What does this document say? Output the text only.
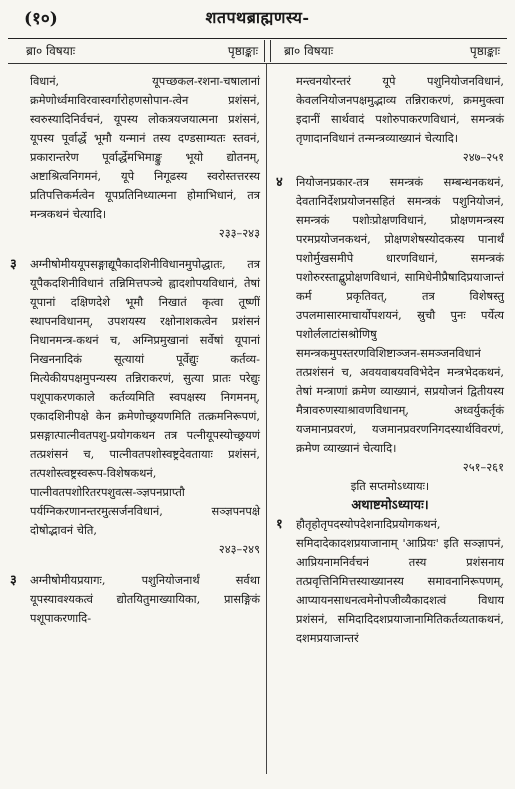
(१०)	शतपथब्राह्मणस्य-
ब्रा० विषयाः	पृष्ठाङ्काः ब्रा० विषयाः	पृष्ठाङ्काः

विधानं, यूपच्छकल-रशना-चषालानां क्रमेणोर्ध्वमाविरवास्वर्गारोहणसोपान-त्वेन प्रशंसनं, स्वरुस्यादिनिर्वचनं, यूपस्य लोकत्रयजयात्मना प्रशंसनं, यूपस्य पूर्वार्द्धे भूमौ यन्मानं तस्य दण्डसाम्यतः स्तवनं, प्रकारान्तरेण पूर्वार्द्धेमभिमाङ्कु भूयो द्योतनम्, अष्टाश्रित्वनिगमनं, यूपे निगूढस्य स्वरोस्तत्तरस्य प्रतिपत्तिकर्मत्वेन यूपप्रतिनिध्यात्मना होमाभिधानं, तत्र मन्त्रकथनं चेत्यादि।

२३३–२४३
३ अग्नीषोमीययूपसङ्गाद्यूपैकादशिनीविधानमुपोद्धातः, तत्र यूपैकदशिनीविधानं तन्निमित्तपञ्चे ह्वादशोपयविधानं, तेषां यूपानां दक्षिणदेशे भूमौ निखातं कृत्वा तूष्णीं स्थापनविधानम्, उपशयस्य रक्षोनाशकत्वेन प्रशंसनं निधानमन्त्र-कथनं च, अग्निप्रमुखानां सर्वेषां यूपानां निखननादिकं सूत्यायां पूर्वेद्युः कर्तव्य-मित्येकीयपक्षमुपन्यस्य तन्निराकरणं, सुत्या प्रातः परेद्युः पशूपाकरणकाले कर्तव्यमिति स्वपक्षस्य निगमनम्, एकादशिनीपक्षे केन क्रमेणोच्छ्रयणमिति तत्क्रमनिरूपणं, प्रसङ्गात्पात्नीवतपशु-प्रयोगकथन तत्र पत्नीयूपस्योच्छ्रयणं तत्प्रशंसनं च, पात्नीवतपशोस्वष्ट्रदेवतायाः प्रशंसनं, तत्पशोस्त्वष्ट्रस्वरूप-विशेषकथनं, पात्नीवतपशोरितरपशुवत्स-ञ्ज्ञपनप्राप्तौ पर्यग्निकरणानन्तरमुत्सर्जनविधानं, सञ्ज्ञपनपक्षे दोषोद्भावनं चेति,

२४३–२४९
३ अग्नीषोमीयप्रयागः, पशुनियोजनार्थं सर्वथा यूपस्यावश्यकत्वं द्योतयितुमाख्यायिका, प्रासङ्गिकं पशूपाकरणादि-

मन्त्वनयोरन्तरं यूपे पशुनियोजनविधानं, केवलनियोजनपक्षमुद्भाव्य तन्निराकरणं, क्रममुक्त्वा इदानीं सार्थवादं पशोरुपाकरणविधानं, समन्त्रकं तृणादानविधानं तन्मन्त्रव्याख्यानं चेत्यादि।

२४७–२५१
४ नियोजनप्रकार-तत्र समन्त्रकं सम्बन्धनकथनं, देवतानिर्देशप्रयोजनसहितं समन्त्रकं पशुनियोजनं, समन्त्रकं पशोःप्रोक्षणविधानं, प्रोक्षणमन्त्रस्य परमप्रयोजनकथनं, प्रोक्षणशेषस्योदकस्य पानार्थं पशोर्मुखसमीपे धारणविधानं, समन्त्रकं पशोरुरस्ताद्बुप्रोक्षणविधानं, सामिधेनीप्रैषादिप्रयाजान्तं कर्म प्रकृतिवत्, तत्र विशेषस्तु उपलमासारमाचार्योपशयनं, स्रुचौ पुनः पर्येत्य पशोर्ललाटांसश्रोणिषु समन्त्रकमुपस्तरणविशिष्टाञ्जन-समञ्जनविधानं तत्प्रशंसनं च, अवयवाबयवविभेदेन मन्त्रभेदकथनं, तेषां मन्त्राणां क्रमेण व्याख्यानं, सप्रयोजनं द्वितीयस्य मैत्रावरुणस्याश्रावणविधानम्, अध्वर्युकर्तृकं यजमानप्रवरणं, यजमानप्रवरणनिगदस्यार्थविवरणं, क्रमेण व्याख्यानं चेत्यादि।

२५१–२६१
इति सप्तमोऽध्यायः।
अथाष्टमोऽध्यायः।
१ हौतृहोतृपदस्योपदेशनादिप्रयोगकथनं, समिदादेकादशप्रयाजानाम् 'आप्रियः' इति सञ्ज्ञापनं, आप्रियनामनिर्वचनं तस्य प्रशंसनाय तत्प्रवृत्तिनिमित्तस्याख्यानस्य समावनानिरूपणम्, आप्यायनसाधनत्वमेनोपजीव्यैकादशत्वं विधाय प्रशंसनं, समिदादिदशप्रयाजानामितिकर्तव्यताकथनं, दशमप्रयाजान्तरं
